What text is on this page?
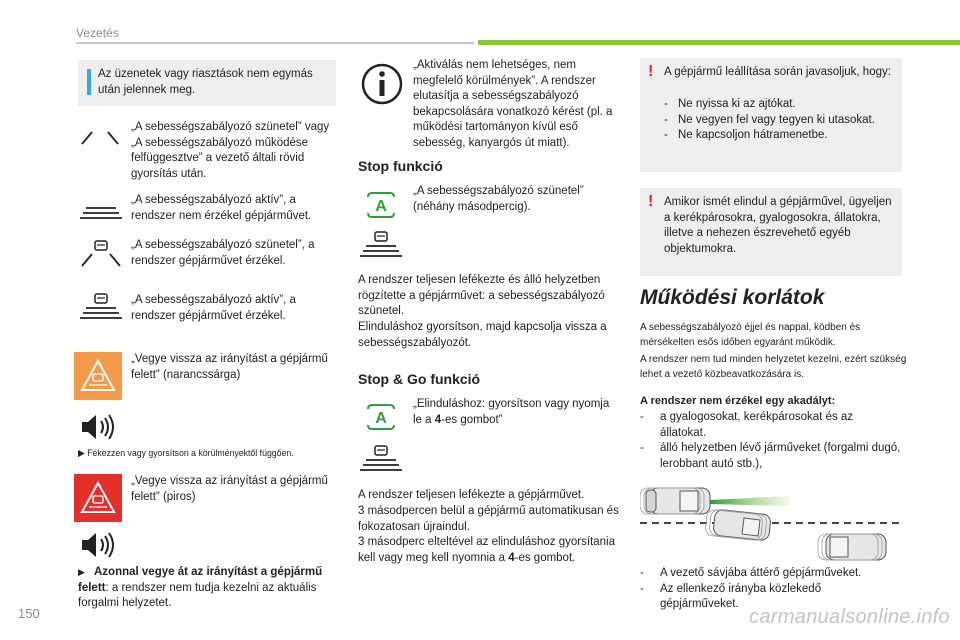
Vezetés
Az üzenetek vagy riasztások nem egymás után jelennek meg.
„A sebességszabályozó szünetel” vagy „A sebességszabályozó működése felfüggesztve” a vezető általi rövid gyorsítás után.
„A sebességszabályozó aktív”, a rendszer nem érzékel gépjárművet.
„A sebességszabályozó szünetel”, a rendszer gépjárművet érzékel.
„A sebességszabályozó aktív”, a rendszer gépjárművet érzékel.
„Vegye vissza az irányítást a gépjármű felett” (narancssárga)
▶ Fékezzen vagy gyorsítson a körülményektől függően.
„Vegye vissza az irányítást a gépjármű felett” (piros)
▶ Azonnal vegye át az irányítást a gépjármű felett: a rendszer nem tudja kezelni az aktuális forgalmi helyzetet.
„Aktiválás nem lehetséges, nem megfelelő körülmények”. A rendszer elutasítja a sebességszabályozó bekapcsolására vonatkozó kérést (pl. a működési tartományon kívül eső sebesség, kanyargós út miatt).
Stop funkció
A
„A sebességszabályozó szünetel” (néhány másodpercig).
A rendszer teljesen lefékezte és álló helyzetben rögzítette a gépjárművet: a sebességszabályozó szünetel.
Elinduláshoz gyorsítson, majd kapcsolja vissza a sebességszabályozót.
Stop & Go funkció
A
„Elinduláshoz: gyorsítson vagy nyomja le a 4-es gombot”
A rendszer teljesen lefékezte a gépjárművet.
3 másodpercen belül a gépjármű automatikusan és fokozatosan újraindul.
3 másodperc elteltével az elinduláshoz gyorsítania kell vagy meg kell nyomnia a 4-es gombot.
! A gépjármű leállítása során javasoljuk, hogy:
- Ne nyissa ki az ajtókat.
- Ne vegyen fel vagy tegyen ki utasokat.
- Ne kapcsoljon hátramenetbe.
! Amikor ismét elindul a gépjárművel, ügyeljen a kerékpárosokra, gyalogosokra, állatokra, illetve a nehezen észrevehető egyéb objektumokra.
Működési korlátok
A sebességszabályozó éjjel és nappal, ködben és mérsékelten esős időben egyaránt működik.
A rendszer nem tud minden helyzetet kezelni, ezért szükség lehet a vezető közbeavatkozására is.
A rendszer nem érzékel egy akadályt:
-	a gyalogosokat, kerékpárosokat és az állatokat.
-	álló helyzetben lévő járműveket (forgalmi dugó, lerobbant autó stb.),
-	A vezető sávjába áttérő gépjárműveket.
-	Az ellenkező irányba közlekedő gépjárműveket.
150	carmanualsonline.info
